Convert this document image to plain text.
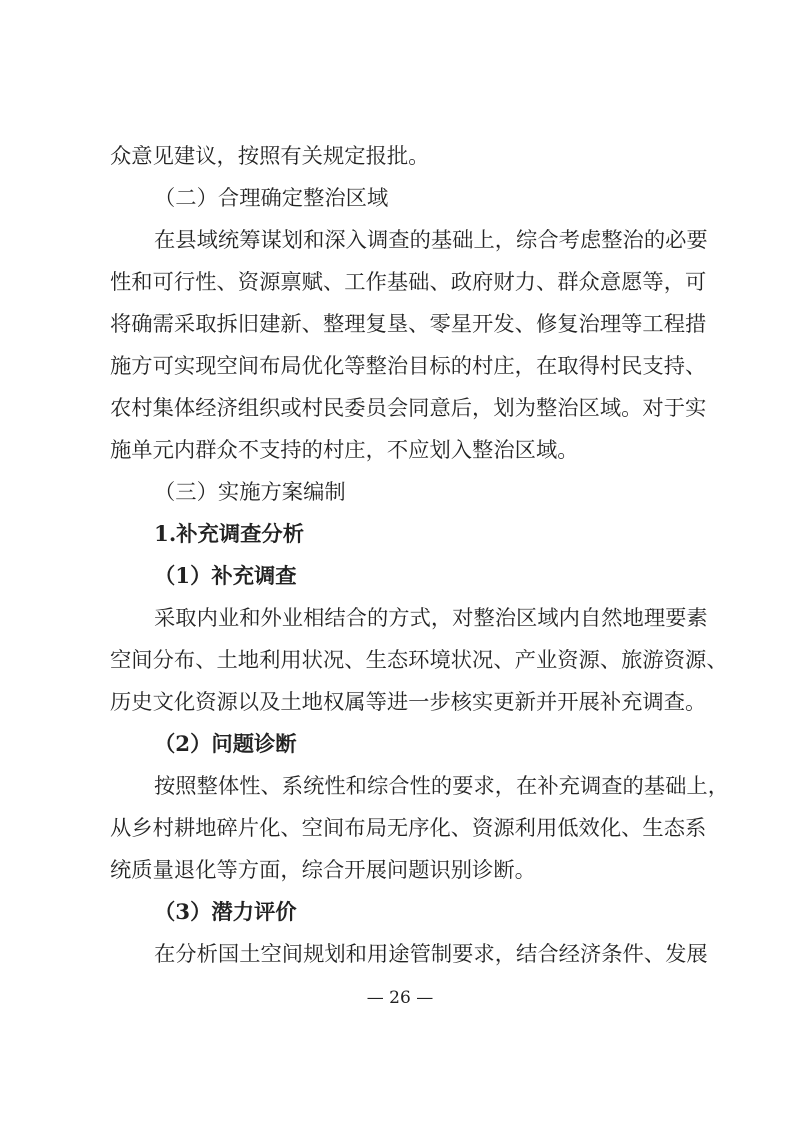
众意见建议，按照有关规定报批。
（二）合理确定整治区域
在县域统筹谋划和深入调查的基础上，综合考虑整治的必要
性和可行性、资源禀赋、工作基础、政府财力、群众意愿等，可
将确需采取拆旧建新、整理复垦、零星开发、修复治理等工程措
施方可实现空间布局优化等整治目标的村庄，在取得村民支持、
农村集体经济组织或村民委员会同意后，划为整治区域。对于实
施单元内群众不支持的村庄，不应划入整治区域。
（三）实施方案编制
1.补充调查分析
（1）补充调查
采取内业和外业相结合的方式，对整治区域内自然地理要素
空间分布、土地利用状况、生态环境状况、产业资源、旅游资源、
历史文化资源以及土地权属等进一步核实更新并开展补充调查。
（2）问题诊断
按照整体性、系统性和综合性的要求，在补充调查的基础上，
从乡村耕地碎片化、空间布局无序化、资源利用低效化、生态系
统质量退化等方面，综合开展问题识别诊断。
（3）潜力评价
在分析国土空间规划和用途管制要求，结合经济条件、发展
— 26 —
